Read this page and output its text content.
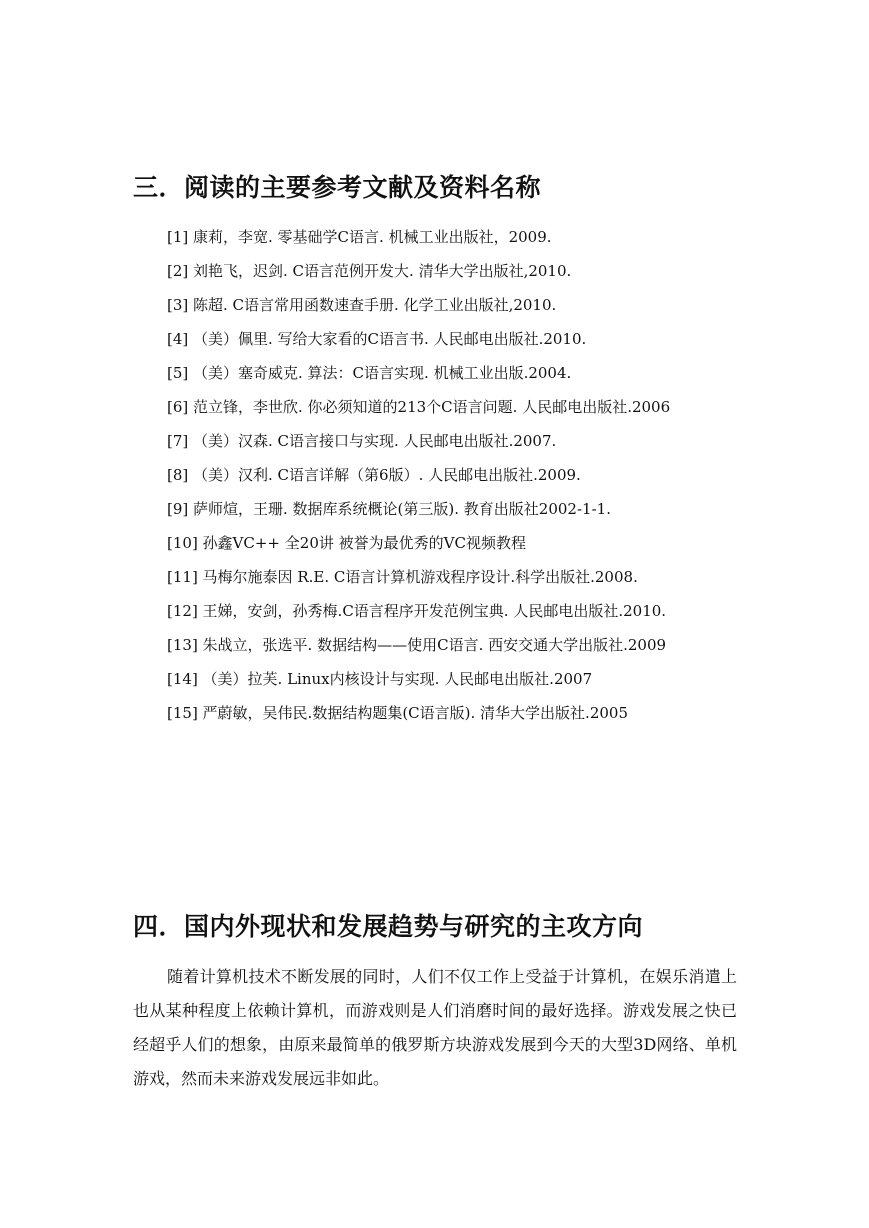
三．阅读的主要参考文献及资料名称
[1] 康莉，李宽. 零基础学C语言. 机械工业出版社，2009.
[2] 刘艳飞，迟剑. C语言范例开发大. 清华大学出版社,2010.
[3] 陈超. C语言常用函数速查手册. 化学工业出版社,2010.
[4] （美）佩里. 写给大家看的C语言书. 人民邮电出版社.2010.
[5] （美）塞奇威克. 算法：C语言实现. 机械工业出版.2004.
[6] 范立锋，李世欣. 你必须知道的213个C语言问题. 人民邮电出版社.2006
[7] （美）汉森. C语言接口与实现. 人民邮电出版社.2007.
[8] （美）汉利. C语言详解（第6版）. 人民邮电出版社.2009.
[9] 萨师煊，王珊. 数据库系统概论(第三版). 教育出版社2002-1-1.
[10] 孙鑫VC++ 全20讲 被誉为最优秀的VC视频教程
[11] 马梅尔施泰因 R.E. C语言计算机游戏程序设计.科学出版社.2008.
[12] 王娣，安剑，孙秀梅.C语言程序开发范例宝典. 人民邮电出版社.2010.
[13] 朱战立，张选平. 数据结构——使用C语言. 西安交通大学出版社.2009
[14] （美）拉芙. Linux内核设计与实现. 人民邮电出版社.2007
[15] 严蔚敏，吴伟民.数据结构题集(C语言版). 清华大学出版社.2005
四．国内外现状和发展趋势与研究的主攻方向

随着计算机技术不断发展的同时，人们不仅工作上受益于计算机，在娱乐消遣上也从某种程度上依赖计算机，而游戏则是人们消磨时间的最好选择。游戏发展之快已经超乎人们的想象，由原来最简单的俄罗斯方块游戏发展到今天的大型3D网络、单机游戏，然而未来游戏发展远非如此。
